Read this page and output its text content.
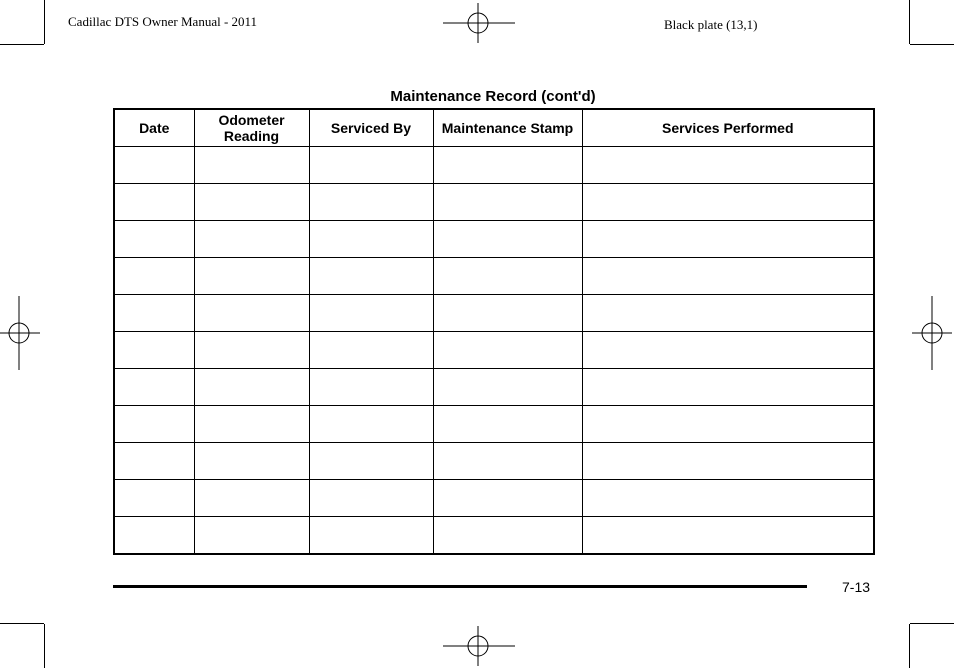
Cadillac DTS Owner Manual - 2011	Black plate (13,1)
Maintenance Record (cont'd)
Date	Odometer Reading	Serviced By	Maintenance Stamp	Services Performed

7-13
